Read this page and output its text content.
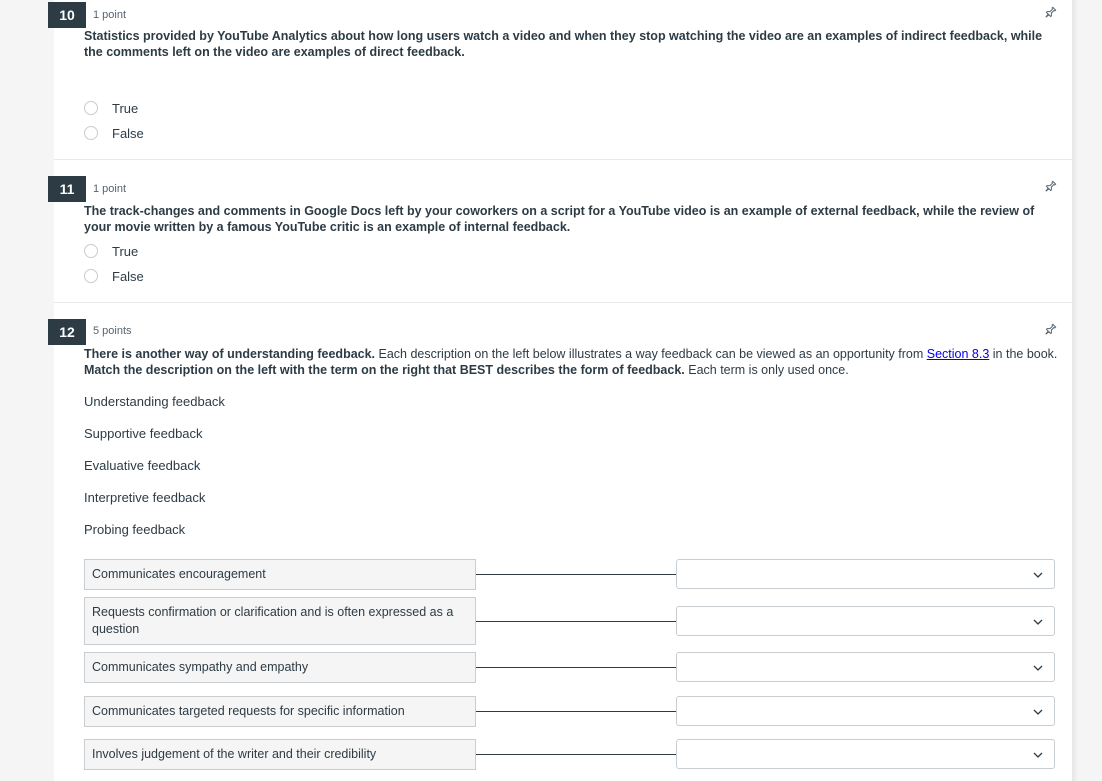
10	1 point
Statistics provided by YouTube Analytics about how long users watch a video and when they stop watching the video are an examples of indirect feedback, while the comments left on the video are examples of direct feedback.
True
False
11	1 point
The track-changes and comments in Google Docs left by your coworkers on a script for a YouTube video is an example of external feedback, while the review of your movie written by a famous YouTube critic is an example of internal feedback.
True
False
12	5 points
There is another way of understanding feedback. Each description on the left below illustrates a way feedback can be viewed as an opportunity from Section 8.3 in the book. Match the description on the left with the term on the right that BEST describes the form of feedback. Each term is only used once.
Understanding feedback
Supportive feedback
Evaluative feedback
Interpretive feedback
Probing feedback
Communicates encouragement
Requests confirmation or clarification and is often expressed as a question
Communicates sympathy and empathy
Communicates targeted requests for specific information
Involves judgement of the writer and their credibility
